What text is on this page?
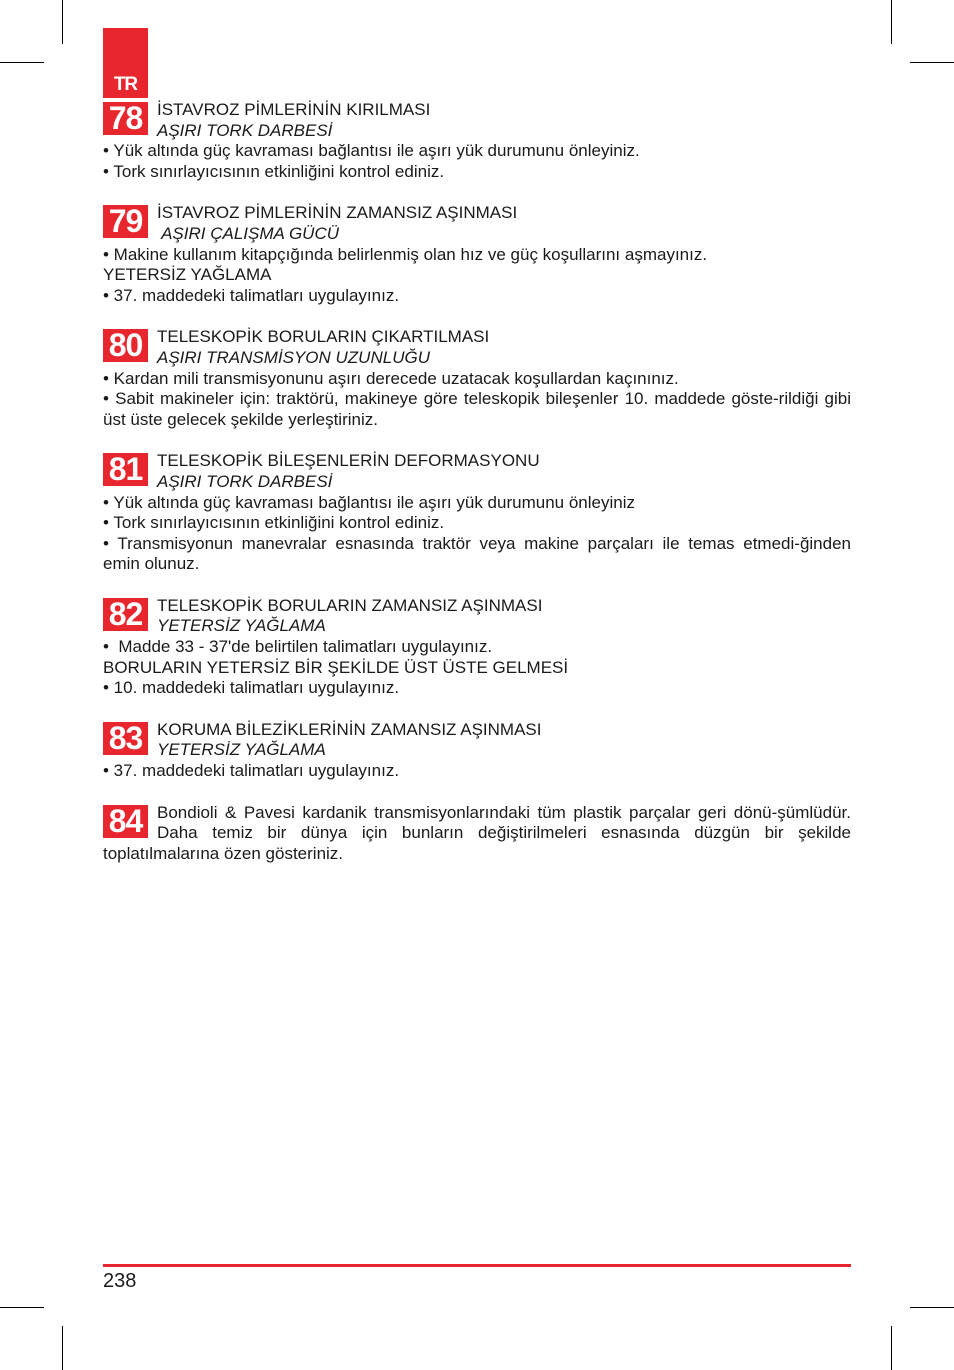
TR
78 İSTAVROZ PİMLERİNİN KIRILMASI
AŞIRI TORK DARBESİ
• Yük altında güç kavraması bağlantısı ile aşırı yük durumunu önleyiniz.
• Tork sınırlayıcısının etkinliğini kontrol ediniz.
79 İSTAVROZ PİMLERİNİN ZAMANSIZ AŞINMASI
AŞIRI ÇALIŞMA GÜCÜ
• Makine kullanım kitapçığında belirlenmiş olan hız ve güç koşullarını aşmayınız.
YETERSİZ YAĞLAMA
• 37. maddedeki talimatları uygulayınız.
80 TELESKOPİK BORULARIN ÇIKARTILMASI
AŞIRI TRANSMİSYON UZUNLUĞU
• Kardan mili transmisyonunu aşırı derecede uzatacak koşullardan kaçınınız.
• Sabit makineler için: traktörü, makineye göre teleskopik bileşenler 10. maddede göste-rildiği gibi üst üste gelecek şekilde yerleştiriniz.
81 TELESKOPİK BİLEŞENLERİN DEFORMASYONU
AŞIRI TORK DARBESİ
• Yük altında güç kavraması bağlantısı ile aşırı yük durumunu önleyiniz
• Tork sınırlayıcısının etkinliğini kontrol ediniz.
• Transmisyonun manevralar esnasında traktör veya makine parçaları ile temas etmedi-ğinden emin olunuz.
82 TELESKOPİK BORULARIN ZAMANSIZ AŞINMASI
YETERSİZ YAĞLAMA
•  Madde 33 - 37'de belirtilen talimatları uygulayınız.
BORULARIN YETERSİZ BİR ŞEKİLDE ÜST ÜSTE GELMESİ
• 10. maddedeki talimatları uygulayınız.
83 KORUMA BİLEZİKLERİNİN ZAMANSIZ AŞINMASI
YETERSİZ YAĞLAMA
• 37. maddedeki talimatları uygulayınız.
84 Bondioli & Pavesi kardanik transmisyonlarındaki tüm plastik parçalar geri dönü-şümlüdür. Daha temiz bir dünya için bunların değiştirilmeleri esnasında düzgün bir şekilde toplatılmalarına özen gösteriniz.
238
